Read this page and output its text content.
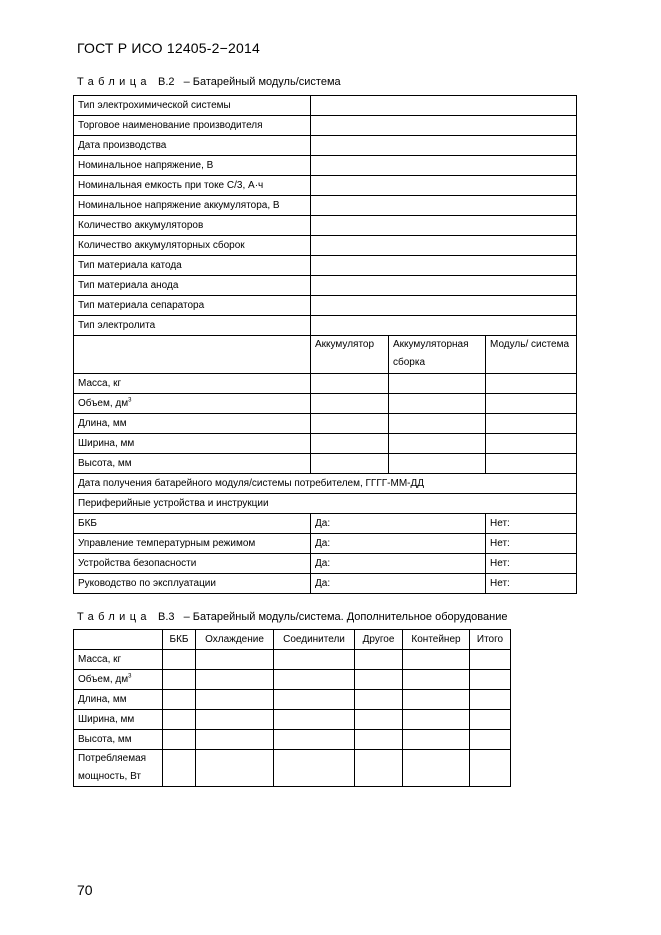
ГОСТ Р ИСО 12405-2−2014
Таблица В.2 – Батарейный модуль/система
Тип электрохимической системы			
Торговое наименование производителя			
Дата производства			
Номинальное напряжение, В			
Номинальная емкость при токе С/3, А·ч			
Номинальное напряжение аккумулятора, В			
Количество аккумуляторов			
Количество аккумуляторных сборок			
Тип материала катода			
Тип материала анода			
Тип материала сепаратора			
Тип электролита			
	Аккумулятор	Аккумуляторная сборка	Модуль/ система
Масса, кг			
Объем, $дм^3$			
Длина, мм			
Ширина, мм			
Высота, мм			
Дата получения батарейного модуля/системы потребителем, ГГГГ-ММ-ДД			
Периферийные устройства и инструкции			
БКБ	Да:		Нет:
Управление температурным режимом	Да:		Нет:
Устройства безопасности	Да:		Нет:
Руководство по эксплуатации	Да:		Нет:
Таблица В.3 – Батарейный модуль/система. Дополнительное оборудование
	БКБ	Охлаждение	Соединители	Другое	Контейнер	Итого
Масса, кг						
Объем, $дм^3$						
Длина, мм						
Ширина, мм						
Высота, мм						
Потребляемая мощность, Вт						
70
